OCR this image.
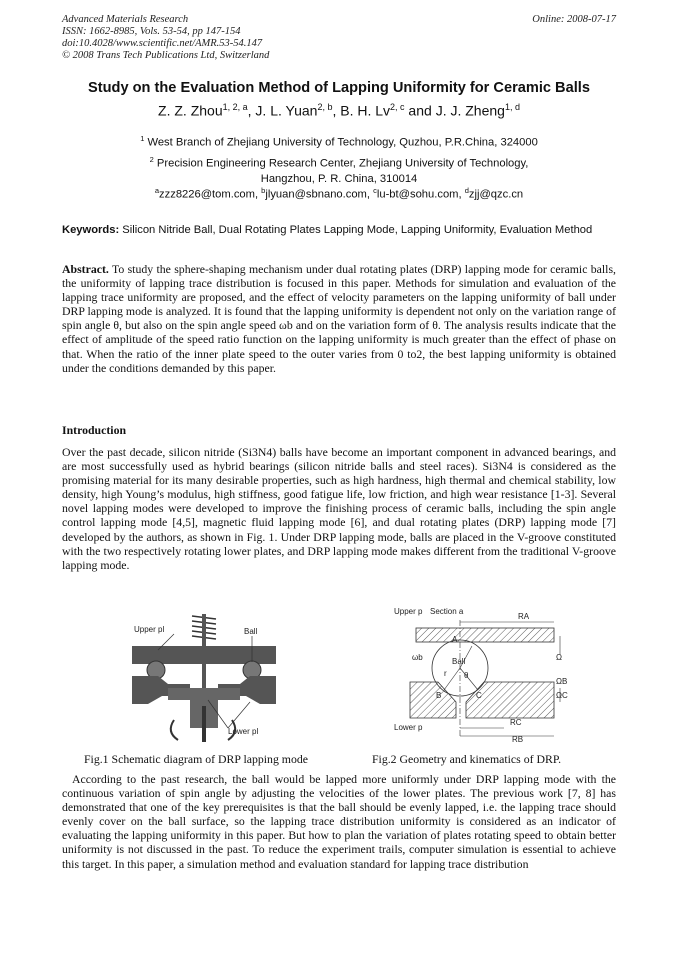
Advanced Materials Research
ISSN: 1662-8985, Vols. 53-54, pp 147-154
doi:10.4028/www.scientific.net/AMR.53-54.147
© 2008 Trans Tech Publications Ltd, Switzerland
Online: 2008-07-17
Study on the Evaluation Method of Lapping Uniformity for Ceramic Balls
Z. Z. Zhou$^{1, 2, a}$, J. L. Yuan$^{2, b}$, B. H. Lv$^{2, c}$ and J. J. Zheng$^{1, d}$
$^1$ West Branch of Zhejiang University of Technology, Quzhou, P.R.China, 324000
$^2$ Precision Engineering Research Center, Zhejiang University of Technology,
Hangzhou, P. R. China, 310014
$^a$zzz8226@tom.com, $^b$jlyuan@sbnano.com, $^c$lu-bt@sohu.com, $^d$zjj@qzc.cn
Keywords: Silicon Nitride Ball, Dual Rotating Plates Lapping Mode, Lapping Uniformity, Evaluation Method
Abstract. To study the sphere-shaping mechanism under dual rotating plates (DRP) lapping mode for ceramic balls, the uniformity of lapping trace distribution is focused in this paper. Methods for simulation and evaluation of the lapping trace uniformity are proposed, and the effect of velocity parameters on the lapping uniformity of ball under DRP lapping mode is analyzed. It is found that the lapping uniformity is dependent not only on the variation range of spin angle θ, but also on the spin angle speed ωb and on the variation form of θ. The analysis results indicate that the effect of amplitude of the speed ratio function on the lapping uniformity is much greater than the effect of phase on that. When the ratio of the inner plate speed to the outer varies from 0 to2, the best lapping uniformity is obtained under the conditions demanded by this paper.
Introduction
Over the past decade, silicon nitride (Si3N4) balls have become an important component in advanced bearings, and are most successfully used as hybrid bearings (silicon nitride balls and steel races). Si3N4 is considered as the promising material for its many desirable properties, such as high hardness, high thermal and chemical stability, low density, high Young’s modulus, high stiffness, good fatigue life, low friction, and high wear resistance [1-3]. Several novel lapping modes were developed to improve the finishing process of ceramic balls, including the spin angle control lapping mode [4,5], magnetic fluid lapping mode [6], and dual rotating plates (DRP) lapping mode [7] developed by the authors, as shown in Fig. 1. Under DRP lapping mode, balls are placed in the V-groove constituted with the two respectively rotating lower plates, and DRP lapping mode makes different from the traditional V-groove lapping mode.
Upper pl	Ball
Lower pl
Upper p Section a
Lower p
Ball
RA
RB
RC
Ω
ΩB
ΩC
ωb
θ
A
B	C
r
Fig.1 Schematic diagram of DRP lapping mode	Fig.2 Geometry and kinematics of DRP.
According to the past research, the ball would be lapped more uniformly under DRP lapping mode with the continuous variation of spin angle by adjusting the velocities of the lower plates. The previous work [7, 8] has demonstrated that one of the key prerequisites is that the ball should be evenly lapped, i.e. the lapping trace should evenly cover on the ball surface, so the lapping trace distribution uniformity is considered as an indicator of evaluating the lapping uniformity in this paper. But how to plan the variation of plates rotating speed to obtain better uniformity is not discussed in the past. To reduce the experiment trails, computer simulation is essential to achieve this target. In this paper, a simulation method and evaluation standard for lapping trace distribution
